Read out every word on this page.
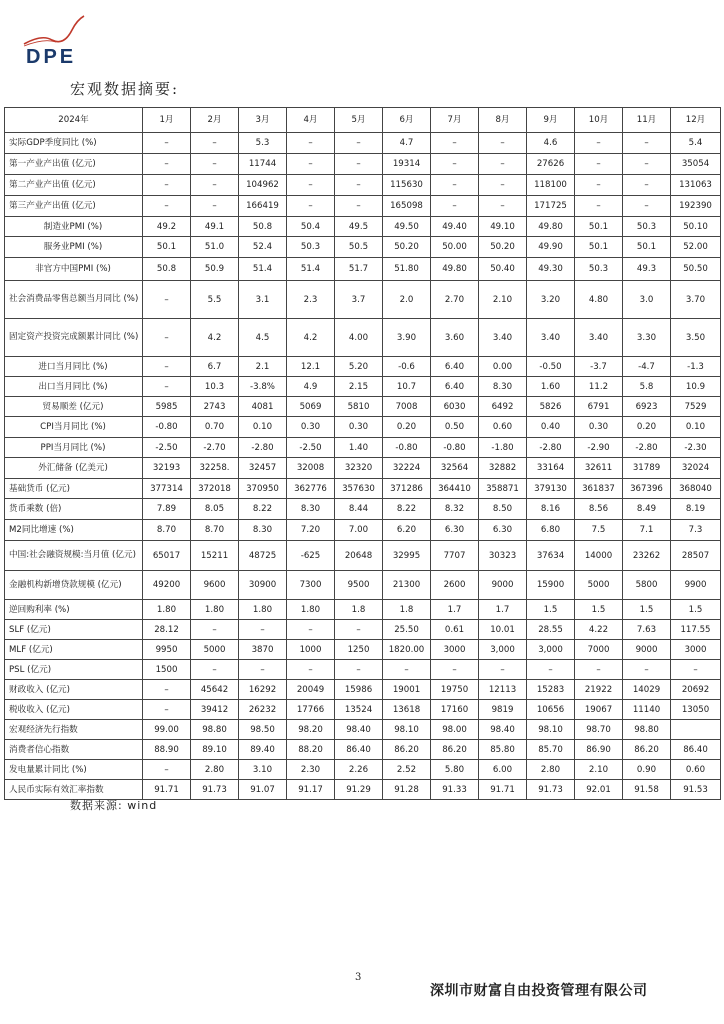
DPE
宏观数据摘要:
2024年	1月	2月	3月	4月	5月	6月	7月	8月	9月	10月	11月	12月
实际GDP季度同比 (%)	–	–	5.3	–	–	4.7	–	–	4.6	–	–	5.4
第一产业产出值 (亿元)	–	–	11744	–	–	19314	–	–	27626	–	–	35054
第二产业产出值 (亿元)	–	–	104962	–	–	115630	–	–	118100	–	–	131063
第三产业产出值 (亿元)	–	–	166419	–	–	165098	–	–	171725	–	–	192390
制造业PMI (%)	49.2	49.1	50.8	50.4	49.5	49.50	49.40	49.10	49.80	50.1	50.3	50.10
服务业PMI (%)	50.1	51.0	52.4	50.3	50.5	50.20	50.00	50.20	49.90	50.1	50.1	52.00
非官方中国PMI (%)	50.8	50.9	51.4	51.4	51.7	51.80	49.80	50.40	49.30	50.3	49.3	50.50
社会消费品零售总额当月同比 (%)	–	5.5	3.1	2.3	3.7	2.0	2.70	2.10	3.20	4.80	3.0	3.70
固定资产投资完成额累计同比 (%)	–	4.2	4.5	4.2	4.00	3.90	3.60	3.40	3.40	3.40	3.30	3.50
进口当月同比 (%)	–	6.7	2.1	12.1	5.20	-0.6	6.40	0.00	-0.50	-3.7	-4.7	-1.3
出口当月同比 (%)	–	10.3	-3.8%	4.9	2.15	10.7	6.40	8.30	1.60	11.2	5.8	10.9
贸易顺差 (亿元)	5985	2743	4081	5069	5810	7008	6030	6492	5826	6791	6923	7529
CPI当月同比 (%)	-0.80	0.70	0.10	0.30	0.30	0.20	0.50	0.60	0.40	0.30	0.20	0.10
PPI当月同比 (%)	-2.50	-2.70	-2.80	-2.50	1.40	-0.80	-0.80	-1.80	-2.80	-2.90	-2.80	-2.30
外汇储备 (亿美元)	32193	32258.	32457	32008	32320	32224	32564	32882	33164	32611	31789	32024
基础货币 (亿元)	377314	372018	370950	362776	357630	371286	364410	358871	379130	361837	367396	368040
货币乘数 (倍)	7.89	8.05	8.22	8.30	8.44	8.22	8.32	8.50	8.16	8.56	8.49	8.19
M2同比增速 (%)	8.70	8.70	8.30	7.20	7.00	6.20	6.30	6.30	6.80	7.5	7.1	7.3
中国:社会融资规模:当月值 (亿元)	65017	15211	48725	-625	20648	32995	7707	30323	37634	14000	23262	28507
金融机构新增贷款规模 (亿元)	49200	9600	30900	7300	9500	21300	2600	9000	15900	5000	5800	9900
逆回购利率 (%)	1.80	1.80	1.80	1.80	1.8	1.8	1.7	1.7	1.5	1.5	1.5	1.5
SLF (亿元)	28.12	–	–	–	–	25.50	0.61	10.01	28.55	4.22	7.63	117.55
MLF (亿元)	9950	5000	3870	1000	1250	1820.00	3000	3,000	3,000	7000	9000	3000
PSL (亿元)	1500	–	–	–	–	–	–	–	–	–	–	–
财政收入 (亿元)	–	45642	16292	20049	15986	19001	19750	12113	15283	21922	14029	20692
税收收入 (亿元)	–	39412	26232	17766	13524	13618	17160	9819	10656	19067	11140	13050
宏观经济先行指数	99.00	98.80	98.50	98.20	98.40	98.10	98.00	98.40	98.10	98.70	98.80	
消费者信心指数	88.90	89.10	89.40	88.20	86.40	86.20	86.20	85.80	85.70	86.90	86.20	86.40
发电量累计同比 (%)	–	2.80	3.10	2.30	2.26	2.52	5.80	6.00	2.80	2.10	0.90	0.60
人民币实际有效汇率指数	91.71	91.73	91.07	91.17	91.29	91.28	91.33	91.71	91.73	92.01	91.58	91.53
数据来源: wind
3
深圳市财富自由投资管理有限公司
